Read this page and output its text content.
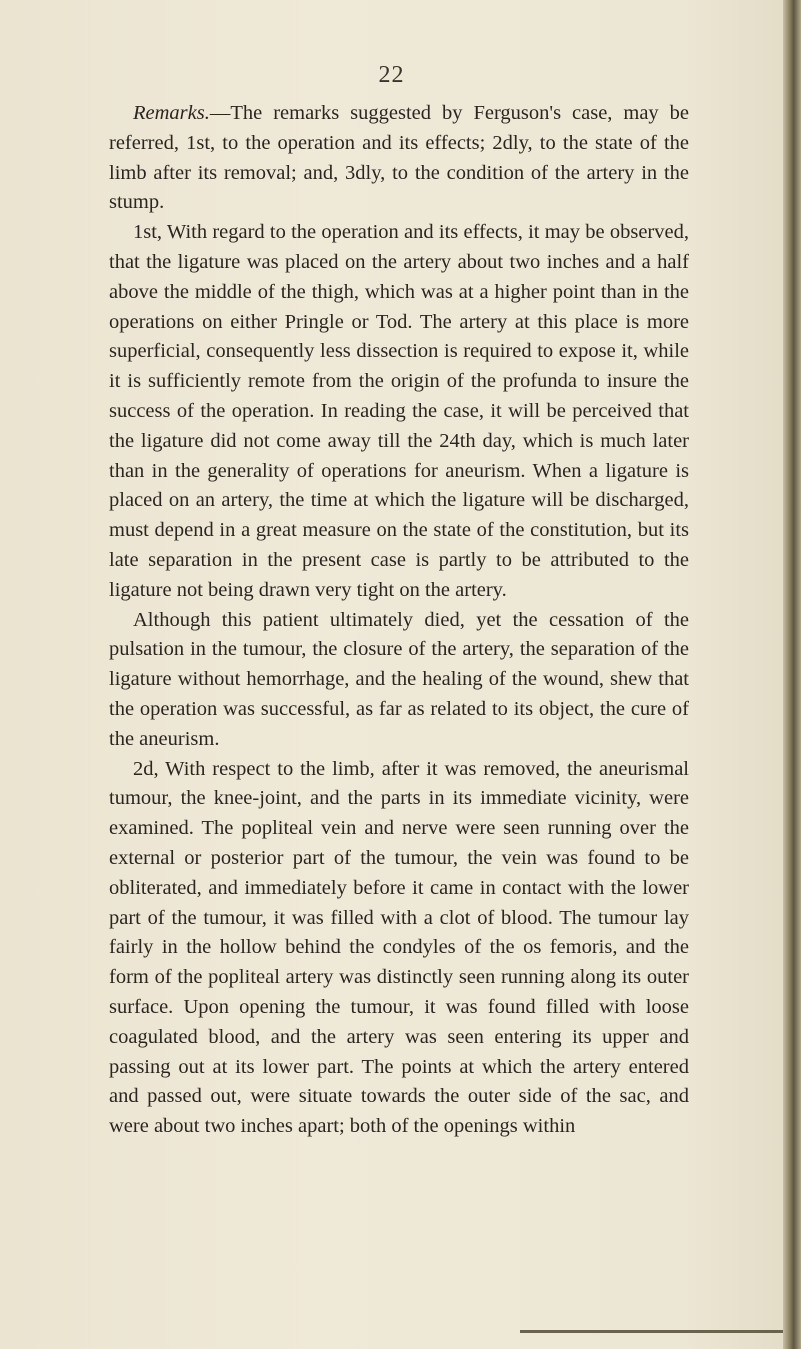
22

Remarks.—The remarks suggested by Ferguson's case, may be referred, 1st, to the operation and its effects; 2dly, to the state of the limb after its removal; and, 3dly, to the condition of the artery in the stump.

1st, With regard to the operation and its effects, it may be observed, that the ligature was placed on the artery about two inches and a half above the middle of the thigh, which was at a higher point than in the operations on either Pringle or Tod. The artery at this place is more superficial, consequently less dissection is required to expose it, while it is sufficiently remote from the origin of the profunda to insure the success of the operation. In reading the case, it will be perceived that the ligature did not come away till the 24th day, which is much later than in the generality of operations for aneurism. When a ligature is placed on an artery, the time at which the ligature will be discharged, must depend in a great measure on the state of the constitution, but its late separation in the present case is partly to be attributed to the ligature not being drawn very tight on the artery.

Although this patient ultimately died, yet the cessation of the pulsation in the tumour, the closure of the artery, the separation of the ligature without hemorrhage, and the healing of the wound, shew that the operation was successful, as far as related to its object, the cure of the aneurism.

2d, With respect to the limb, after it was removed, the aneurismal tumour, the knee-joint, and the parts in its immediate vicinity, were examined. The popliteal vein and nerve were seen running over the external or posterior part of the tumour, the vein was found to be obliterated, and immediately before it came in contact with the lower part of the tumour, it was filled with a clot of blood. The tumour lay fairly in the hollow behind the condyles of the os femoris, and the form of the popliteal artery was distinctly seen running along its outer surface. Upon opening the tumour, it was found filled with loose coagulated blood, and the artery was seen entering its upper and passing out at its lower part. The points at which the artery entered and passed out, were situate towards the outer side of the sac, and were about two inches apart; both of the openings within
